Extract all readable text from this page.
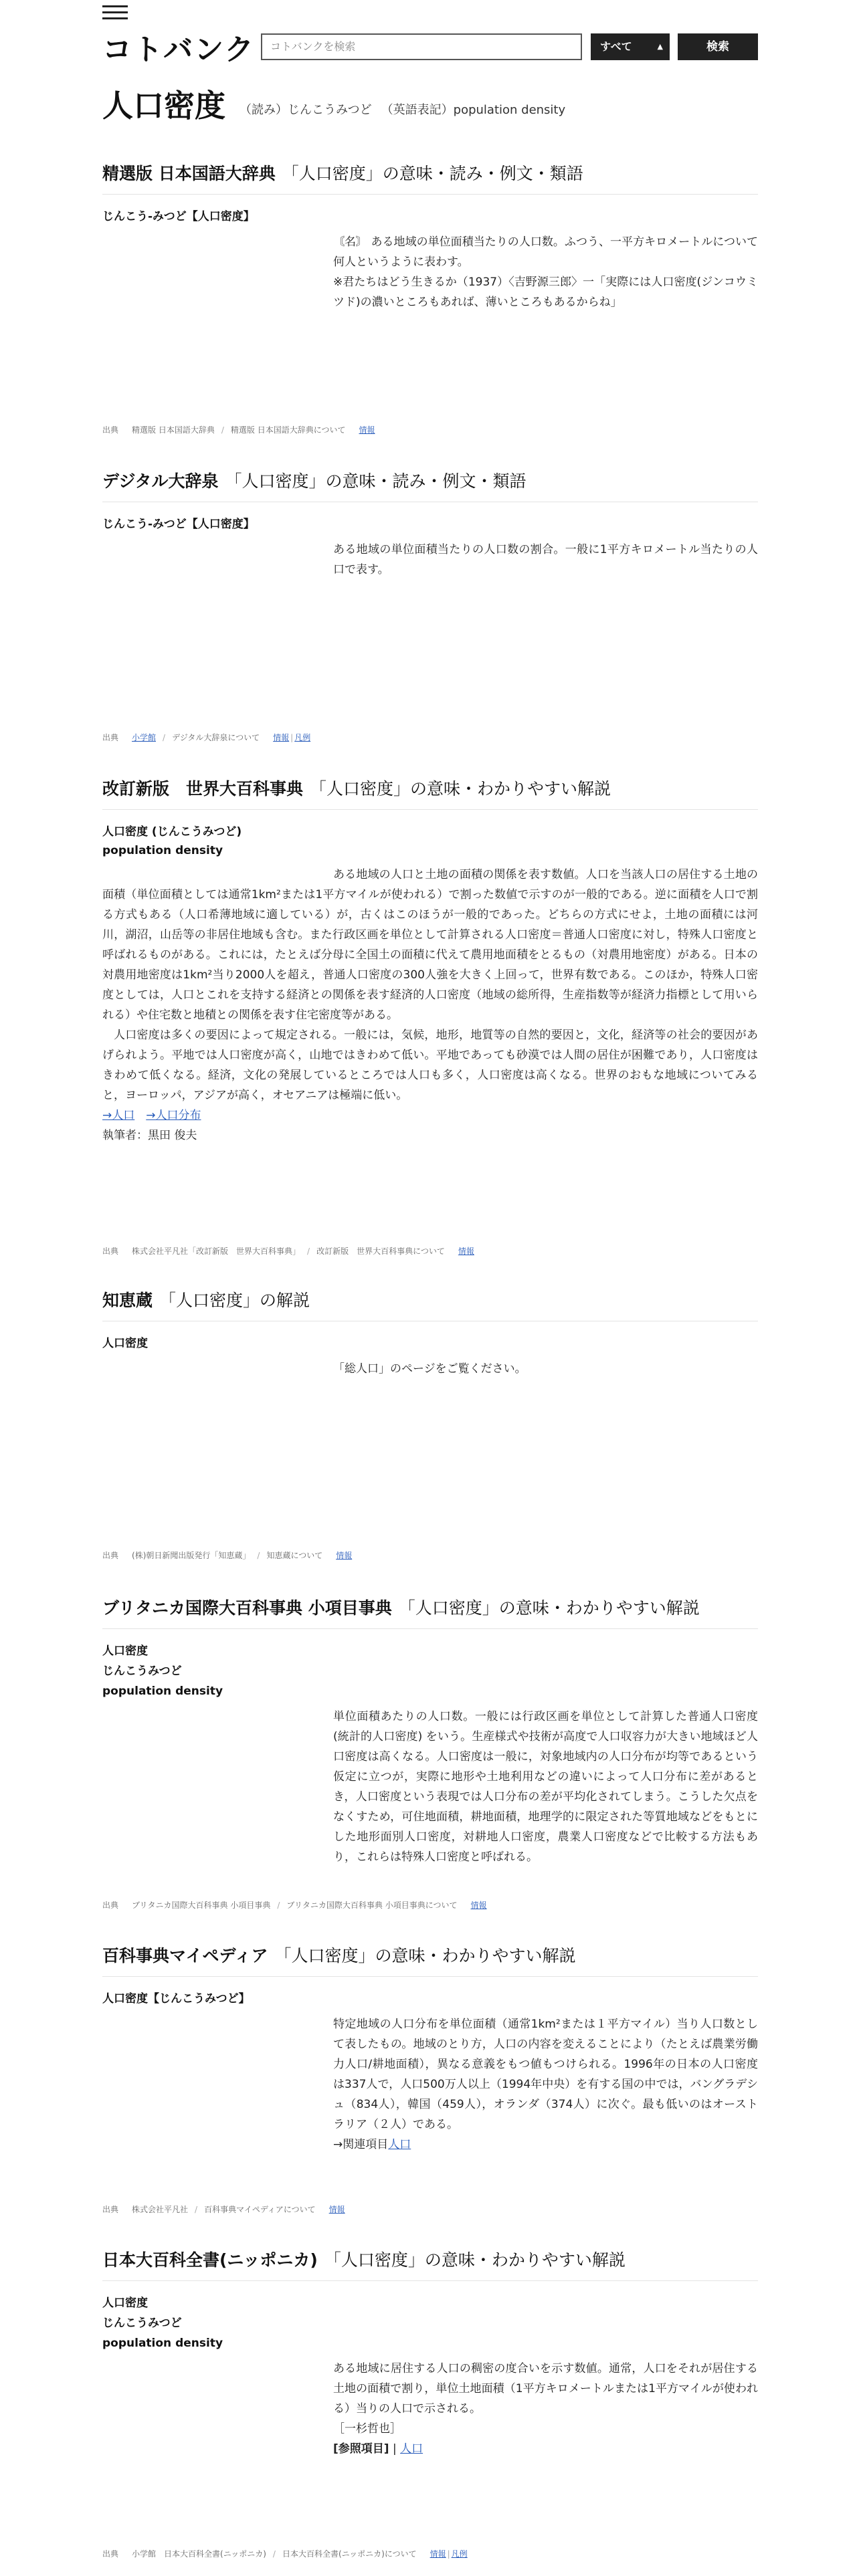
コトバンク	コトバンクを検索	すべて	▲	検索
人口密度 （読み）じんこうみつど （英語表記）population density
精選版 日本国語大辞典 「人口密度」の意味・読み・例文・類語
じんこう‐みつど【人口密度】
〘名〙 ある地域の単位面積当たりの人口数。ふつう、一平方キロメートルについて何人というように表わす。
※君たちはどう生きるか（1937）〈吉野源三郎〉一「実際には人口密度(ジンコウミツド)の濃いところもあれば、薄いところもあるからね」
出典 精選版 日本国語大辞典 / 精選版 日本国語大辞典について 情報
デジタル大辞泉 「人口密度」の意味・読み・例文・類語
じんこう‐みつど【人口密度】
ある地域の単位面積当たりの人口数の割合。一般に1平方キロメートル当たりの人口で表す。
出典 小学館 / デジタル大辞泉について 情報 | 凡例
改訂新版　世界大百科事典 「人口密度」の意味・わかりやすい解説
人口密度 (じんこうみつど)
population density
ある地域の人口と土地の面積の関係を表す数値。人口を当該人口の居住する土地の面積（単位面積としては通常1km²または1平方マイルが使われる）で割った数値で示すのが一般的である。逆に面積を人口で割る方式もある（人口希薄地域に適している）が，古くはこのほうが一般的であった。どちらの方式にせよ，土地の面積には河川，湖沼，山岳等の非居住地域も含む。また行政区画を単位として計算される人口密度＝普通人口密度に対し，特殊人口密度と呼ばれるものがある。これには，たとえば分母に全国土の面積に代えて農用地面積をとるもの（対農用地密度）がある。日本の対農用地密度は1km²当り2000人を超え，普通人口密度の300人強を大きく上回って，世界有数である。このほか，特殊人口密度としては，人口とこれを支持する経済との関係を表す経済的人口密度（地域の総所得，生産指数等が経済力指標として用いられる）や住宅数と地積との関係を表す住宅密度等がある。
人口密度は多くの要因によって規定される。一般には，気候，地形，地質等の自然的要因と，文化，経済等の社会的要因があげられよう。平地では人口密度が高く，山地ではきわめて低い。平地であっても砂漠では人間の居住が困難であり，人口密度はきわめて低くなる。経済，文化の発展しているところでは人口も多く，人口密度は高くなる。世界のおもな地域についてみると，ヨーロッパ，アジアが高く，オセアニアは極端に低い。
→人口　 →人口分布
執筆者：黒田 俊夫
出典 株式会社平凡社「改訂新版　世界大百科事典」 / 改訂新版　世界大百科事典について 情報
知恵蔵 「人口密度」の解説
人口密度
「総人口」のページをご覧ください。
出典 (株)朝日新聞出版発行「知恵蔵」 / 知恵蔵について 情報
ブリタニカ国際大百科事典 小項目事典 「人口密度」の意味・わかりやすい解説
人口密度
じんこうみつど
population density
単位面積あたりの人口数。一般には行政区画を単位として計算した普通人口密度 (統計的人口密度) をいう。生産様式や技術が高度で人口収容力が大きい地域ほど人口密度は高くなる。人口密度は一般に，対象地域内の人口分布が均等であるという仮定に立つが，実際に地形や土地利用などの違いによって人口分布に差があるとき，人口密度という表現では人口分布の差が平均化されてしまう。こうした欠点をなくすため，可住地面積，耕地面積，地理学的に限定された等質地域などをもとにした地形面別人口密度，対耕地人口密度，農業人口密度などで比較する方法もあり，これらは特殊人口密度と呼ばれる。
出典 ブリタニカ国際大百科事典 小項目事典 / ブリタニカ国際大百科事典 小項目事典について 情報
百科事典マイペディア 「人口密度」の意味・わかりやすい解説
人口密度【じんこうみつど】
特定地域の人口分布を単位面積（通常1km²または１平方マイル）当り人口数として表したもの。地域のとり方，人口の内容を変えることにより（たとえば農業労働力人口/耕地面積），異なる意義をもつ値もつけられる。1996年の日本の人口密度は337人で，人口500万人以上（1994年中央）を有する国の中では，バングラデシュ（834人），韓国（459人），オランダ（374人）に次ぐ。最も低いのはオーストラリア（２人）である。
→関連項目人口
出典 株式会社平凡社 / 百科事典マイペディアについて 情報
日本大百科全書(ニッポニカ) 「人口密度」の意味・わかりやすい解説
人口密度
じんこうみつど
population density
ある地域に居住する人口の稠密の度合いを示す数値。通常，人口をそれが居住する土地の面積で割り，単位土地面積（1平方キロメートルまたは1平方マイルが使われる）当りの人口で示される。
［一杉哲也］
[参照項目] | 人口
出典 小学館　日本大百科全書(ニッポニカ) / 日本大百科全書(ニッポニカ)について 情報 | 凡例
